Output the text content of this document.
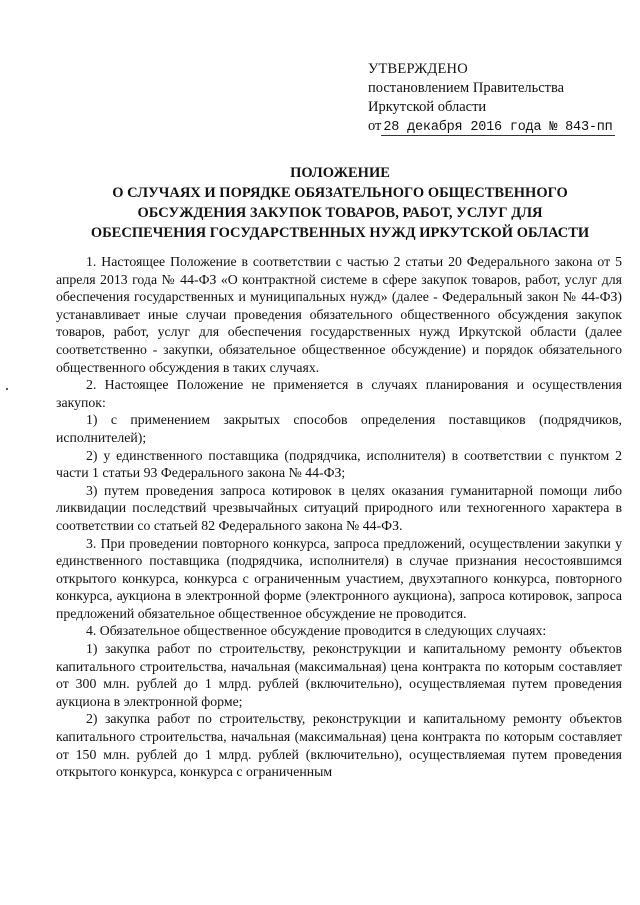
УТВЕРЖДЕНО
постановлением Правительства
Иркутской области
от 28 декабря 2016 года № 843-пп
ПОЛОЖЕНИЕ
О СЛУЧАЯХ И ПОРЯДКЕ ОБЯЗАТЕЛЬНОГО ОБЩЕСТВЕННОГО
ОБСУЖДЕНИЯ ЗАКУПОК ТОВАРОВ, РАБОТ, УСЛУГ ДЛЯ
ОБЕСПЕЧЕНИЯ ГОСУДАРСТВЕННЫХ НУЖД ИРКУТСКОЙ ОБЛАСТИ

1. Настоящее Положение в соответствии с частью 2 статьи 20 Федерального закона от 5 апреля 2013 года № 44-ФЗ «О контрактной системе в сфере закупок товаров, работ, услуг для обеспечения государственных и муниципальных нужд» (далее - Федеральный закон № 44-ФЗ) устанавливает иные случаи проведения обязательного общественного обсуждения закупок товаров, работ, услуг для обеспечения государственных нужд Иркутской области (далее соответственно - закупки, обязательное общественное обсуждение) и порядок обязательного общественного обсуждения в таких случаях.

2. Настоящее Положение не применяется в случаях планирования и осуществления закупок:

1) с применением закрытых способов определения поставщиков (подрядчиков, исполнителей);

2) у единственного поставщика (подрядчика, исполнителя) в соответствии с пунктом 2 части 1 статьи 93 Федерального закона № 44-ФЗ;

3) путем проведения запроса котировок в целях оказания гуманитарной помощи либо ликвидации последствий чрезвычайных ситуаций природного или техногенного характера в соответствии со статьей 82 Федерального закона № 44-ФЗ.

3. При проведении повторного конкурса, запроса предложений, осуществлении закупки у единственного поставщика (подрядчика, исполнителя) в случае признания несостоявшимся открытого конкурса, конкурса с ограниченным участием, двухэтапного конкурса, повторного конкурса, аукциона в электронной форме (электронного аукциона), запроса котировок, запроса предложений обязательное общественное обсуждение не проводится.

4. Обязательное общественное обсуждение проводится в следующих случаях:

1) закупка работ по строительству, реконструкции и капитальному ремонту объектов капитального строительства, начальная (максимальная) цена контракта по которым составляет от 300 млн. рублей до 1 млрд. рублей (включительно), осуществляемая путем проведения аукциона в электронной форме;

2) закупка работ по строительству, реконструкции и капитальному ремонту объектов капитального строительства, начальная (максимальная) цена контракта по которым составляет от 150 млн. рублей до 1 млрд. рублей (включительно), осуществляемая путем проведения открытого конкурса, конкурса с ограниченным
